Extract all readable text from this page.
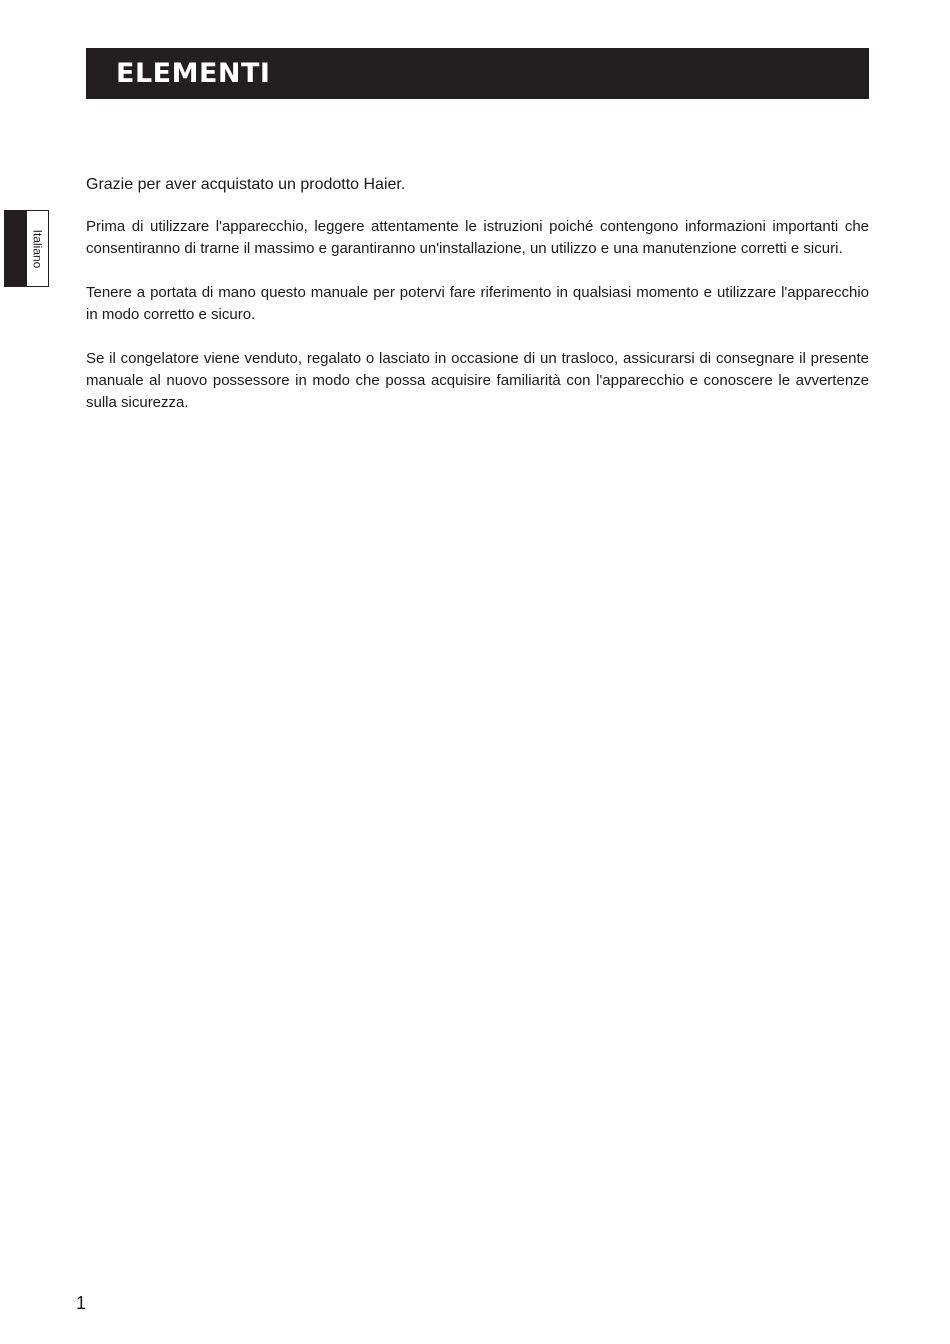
ELEMENTI
Italiano

Grazie per aver acquistato un prodotto Haier.

Prima di utilizzare l'apparecchio, leggere attentamente le istruzioni poiché contengono informazioni importanti che consentiranno di trarne il massimo e garantiranno un'installazione, un utilizzo e una manutenzione corretti e sicuri.

Tenere a portata di mano questo manuale per potervi fare riferimento in qualsiasi momento e utilizzare l'apparecchio in modo corretto e sicuro.

Se il congelatore viene venduto, regalato o lasciato in occasione di un trasloco, assicurarsi di consegnare il presente manuale al nuovo possessore in modo che possa acquisire familiarità con l'apparecchio e conoscere le avvertenze sulla sicurezza.

1
